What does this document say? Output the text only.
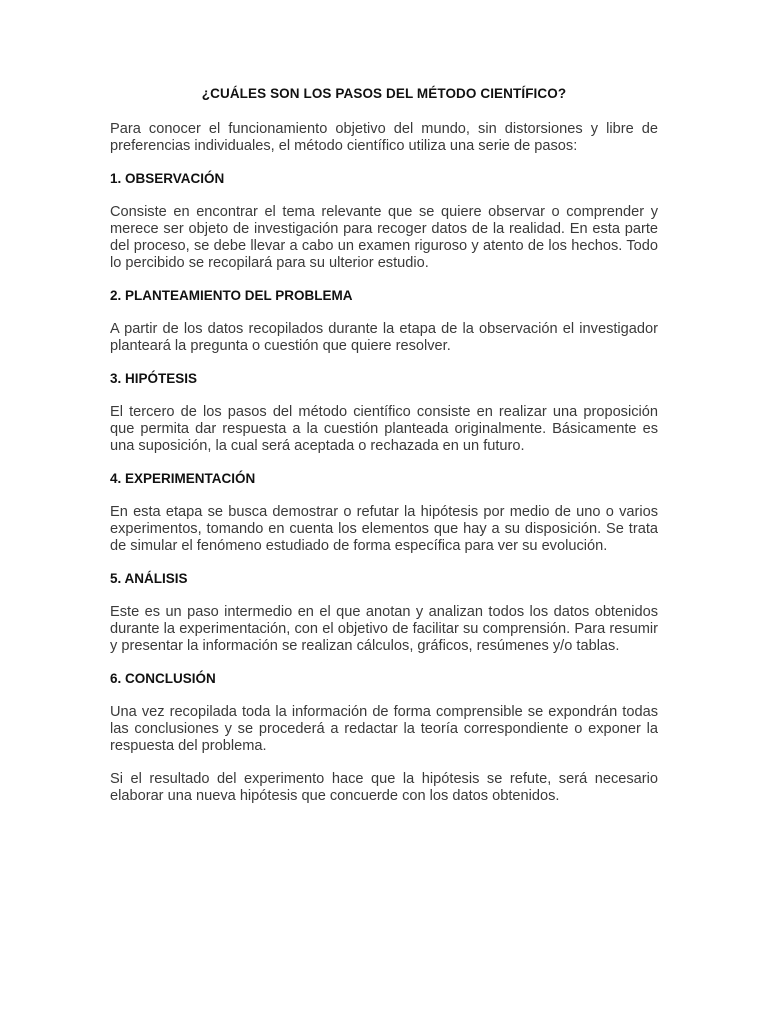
¿CUÁLES SON LOS PASOS DEL MÉTODO CIENTÍFICO?
Para conocer el funcionamiento objetivo del mundo, sin distorsiones y libre de preferencias individuales, el método científico utiliza una serie de pasos:
1. OBSERVACIÓN
Consiste en encontrar el tema relevante que se quiere observar o comprender y merece ser objeto de investigación para recoger datos de la realidad. En esta parte del proceso, se debe llevar a cabo un examen riguroso y atento de los hechos. Todo lo percibido se recopilará para su ulterior estudio.
2. PLANTEAMIENTO DEL PROBLEMA
A partir de los datos recopilados durante la etapa de la observación el investigador planteará la pregunta o cuestión que quiere resolver.
3. HIPÓTESIS
El tercero de los pasos del método científico consiste en realizar una proposición que permita dar respuesta a la cuestión planteada originalmente. Básicamente es una suposición, la cual será aceptada o rechazada en un futuro.
4. EXPERIMENTACIÓN
En esta etapa se busca demostrar o refutar la hipótesis por medio de uno o varios experimentos, tomando en cuenta los elementos que hay a su disposición. Se trata de simular el fenómeno estudiado de forma específica para ver su evolución.
5. ANÁLISIS
Este es un paso intermedio en el que anotan y analizan todos los datos obtenidos durante la experimentación, con el objetivo de facilitar su comprensión. Para resumir y presentar la información se realizan cálculos, gráficos, resúmenes y/o tablas.
6. CONCLUSIÓN
Una vez recopilada toda la información de forma comprensible se expondrán todas las conclusiones y se procederá a redactar la teoría correspondiente o exponer la respuesta del problema.
Si el resultado del experimento hace que la hipótesis se refute, será necesario elaborar una nueva hipótesis que concuerde con los datos obtenidos.
